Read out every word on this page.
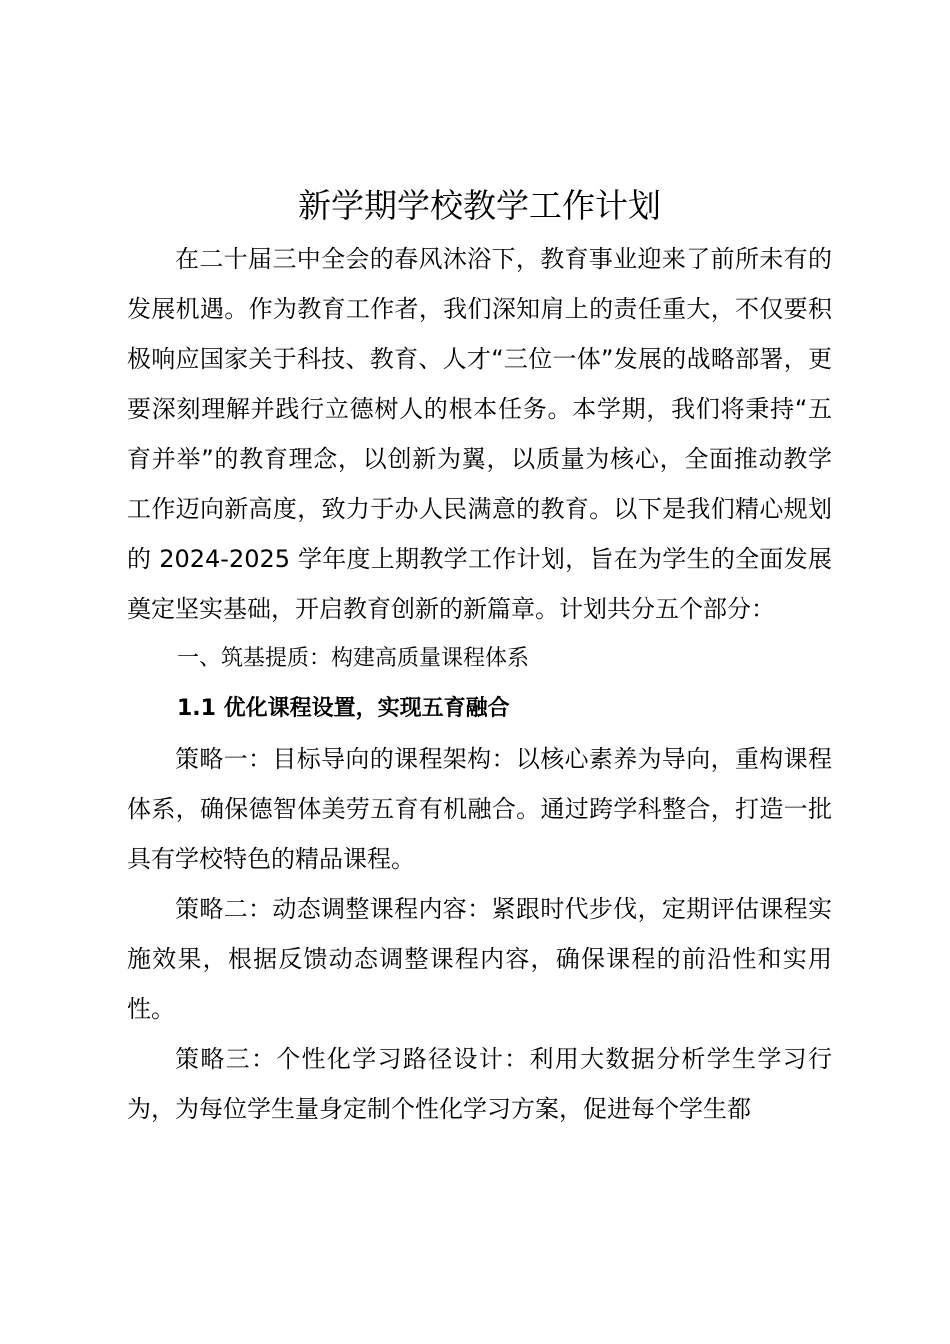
新学期学校教学工作计划

在二十届三中全会的春风沐浴下，教育事业迎来了前所未有的发展机遇。作为教育工作者，我们深知肩上的责任重大，不仅要积极响应国家关于科技、教育、人才“三位一体”发展的战略部署，更要深刻理解并践行立德树人的根本任务。本学期，我们将秉持“五育并举”的教育理念，以创新为翼，以质量为核心，全面推动教学工作迈向新高度，致力于办人民满意的教育。以下是我们精心规划的 2024-2025 学年度上期教学工作计划，旨在为学生的全面发展奠定坚实基础，开启教育创新的新篇章。计划共分五个部分：

一、筑基提质：构建高质量课程体系

1.1 优化课程设置，实现五育融合

策略一：目标导向的课程架构：以核心素养为导向，重构课程体系，确保德智体美劳五育有机融合。通过跨学科整合，打造一批具有学校特色的精品课程。

策略二：动态调整课程内容：紧跟时代步伐，定期评估课程实施效果，根据反馈动态调整课程内容，确保课程的前沿性和实用性。

策略三：个性化学习路径设计：利用大数据分析学生学习行为，为每位学生量身定制个性化学习方案，促进每个学生都
